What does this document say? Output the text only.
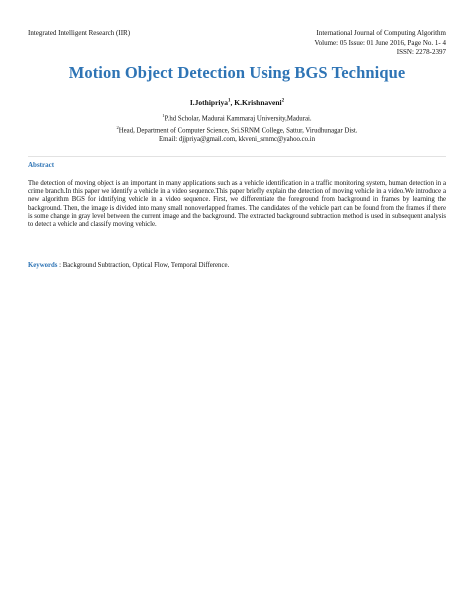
Integrated Intelligent Research (IIR)	International Journal of Computing Algorithm
Volume: 05 Issue: 01 June 2016, Page No. 1- 4
ISSN: 2278-2397
Motion Object Detection Using BGS Technique
I.Jothipriya$^1$, K.Krishnaveni$^2$
$^1$P.hd Scholar, Madurai Kammaraj University,Madurai.
$^2$Head, Department of Computer Science, Sri.SRNM College, Sattur, Virudhunagar Dist.
Email: djjpriya@gmail.com, kkveni_srnmc@yahoo.co.in
Abstract

The detection of moving object is an important in many applications such as a vehicle identification in a traffic monitoring system, human detection in a crime branch.In this paper we identify a vehicle in a video sequence.This paper briefly explain the detection of moving vehicle in a video.We introduce a new algorithm BGS for idntifying vehicle in a video sequence. First, we differentiate the foreground from background in frames by learning the background. Then, the image is divided into many small nonoverlapped frames. The candidates of the vehicle part can be found from the frames if there is some change in gray level between the current image and the background. The extracted background subtraction method is used in subsequent analysis to detect a vehicle and classify moving vehicle.

Keywords : Background Subtraction, Optical Flow, Temporal Difference.
